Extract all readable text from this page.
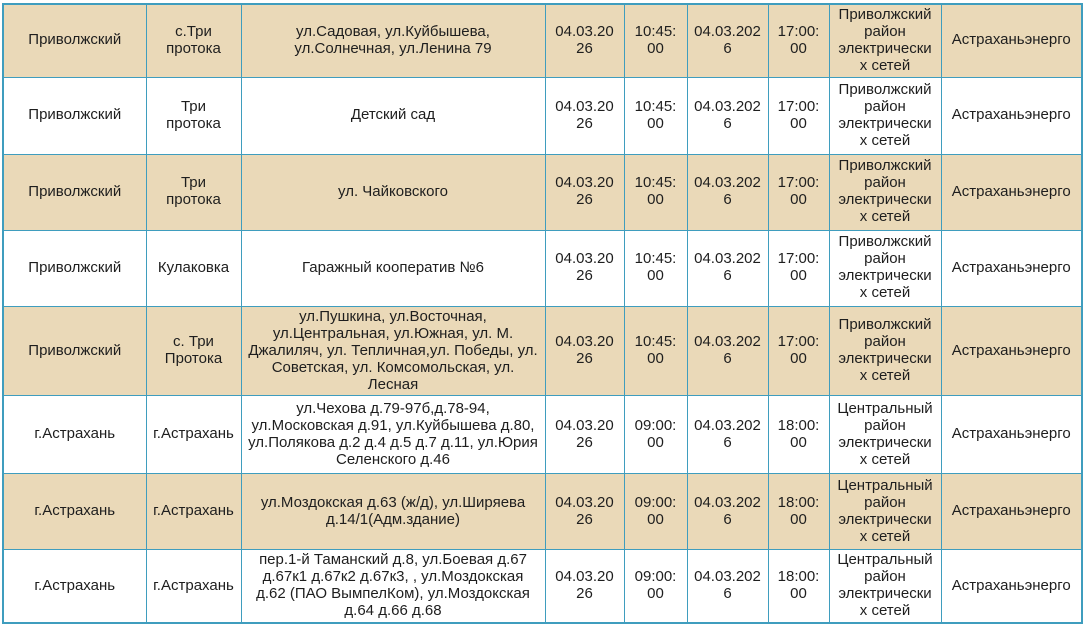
Приволжский	с.Три протока	ул.Садовая, ул.Куйбышева, ул.Солнечная, ул.Ленина 79	04.03.2026	10:45:00	04.03.2026	17:00:00	Приволжский район электрических сетей	Астраханьэнерго
Приволжский	Три протока	Детский сад	04.03.2026	10:45:00	04.03.2026	17:00:00	Приволжский район электрических сетей	Астраханьэнерго
Приволжский	Три протока	ул. Чайковского	04.03.2026	10:45:00	04.03.2026	17:00:00	Приволжский район электрических сетей	Астраханьэнерго
Приволжский	Кулаковка	Гаражный кооператив №6	04.03.2026	10:45:00	04.03.2026	17:00:00	Приволжский район электрических сетей	Астраханьэнерго
Приволжский	с. Три Протока	ул.Пушкина, ул.Восточная, ул.Центральная, ул.Южная, ул. М. Джалиляч, ул. Тепличная,ул. Победы, ул. Советская, ул. Комсомольская, ул. Лесная	04.03.2026	10:45:00	04.03.2026	17:00:00	Приволжский район электрических сетей	Астраханьэнерго
г.Астрахань	г.Астрахань	ул.Чехова д.79-97б,д.78-94, ул.Московская д.91, ул.Куйбышева д.80, ул.Полякова д.2 д.4 д.5 д.7 д.11, ул.Юрия Селенского д.46	04.03.2026	09:00:00	04.03.2026	18:00:00	Центральный район электрических сетей	Астраханьэнерго
г.Астрахань	г.Астрахань	ул.Моздокская д.63 (ж/д), ул.Ширяева д.14/1(Адм.здание)	04.03.2026	09:00:00	04.03.2026	18:00:00	Центральный район электрических сетей	Астраханьэнерго
г.Астрахань	г.Астрахань	пер.1-й Таманский д.8, ул.Боевая д.67 д.67к1 д.67к2 д.67к3, , ул.Моздокская д.62 (ПАО ВымпелКом), ул.Моздокская д.64 д.66 д.68	04.03.2026	09:00:00	04.03.2026	18:00:00	Центральный район электрических сетей	Астраханьэнерго
